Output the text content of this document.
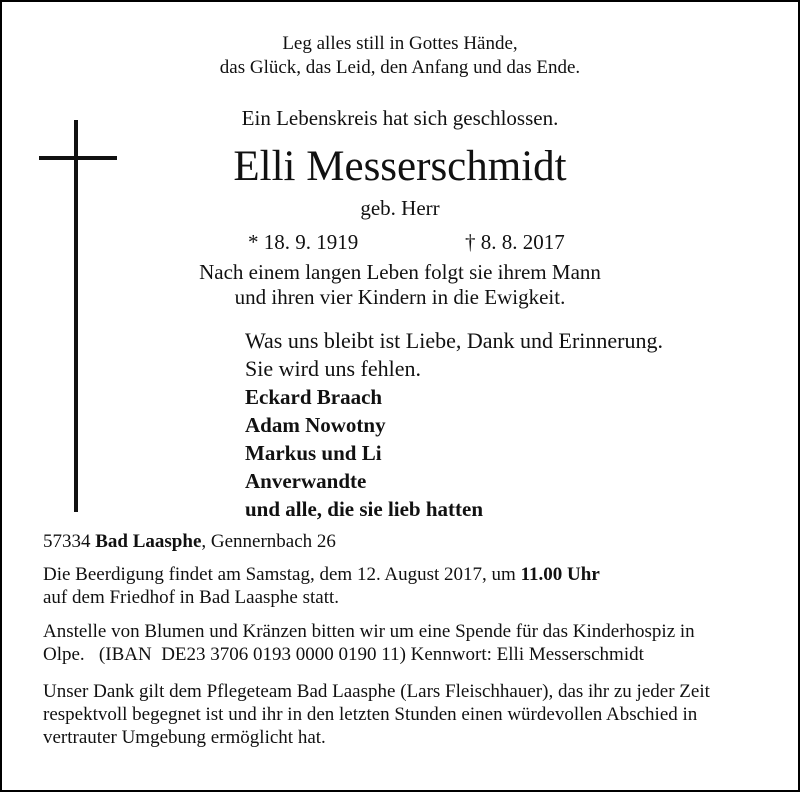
Leg alles still in Gottes Hände,
das Glück, das Leid, den Anfang und das Ende.
Ein Lebenskreis hat sich geschlossen.
Elli Messerschmidt
geb. Herr
* 18. 9. 1919	† 8. 8. 2017
Nach einem langen Leben folgt sie ihrem Mann
und ihren vier Kindern in die Ewigkeit.
Was uns bleibt ist Liebe, Dank und Erinnerung.
Sie wird uns fehlen.
Eckard Braach
Adam Nowotny
Markus und Li
Anverwandte
und alle, die sie lieb hatten
57334 Bad Laasphe, Gennernbach 26
Die Beerdigung findet am Samstag, dem 12. August 2017, um 11.00 Uhr
auf dem Friedhof in Bad Laasphe statt.
Anstelle von Blumen und Kränzen bitten wir um eine Spende für das Kinderhospiz in
Olpe.   (IBAN  DE23 3706 0193 0000 0190 11) Kennwort: Elli Messerschmidt
Unser Dank gilt dem Pflegeteam Bad Laasphe (Lars Fleischhauer), das ihr zu jeder Zeit
respektvoll begegnet ist und ihr in den letzten Stunden einen würdevollen Abschied in
vertrauter Umgebung ermöglicht hat.
